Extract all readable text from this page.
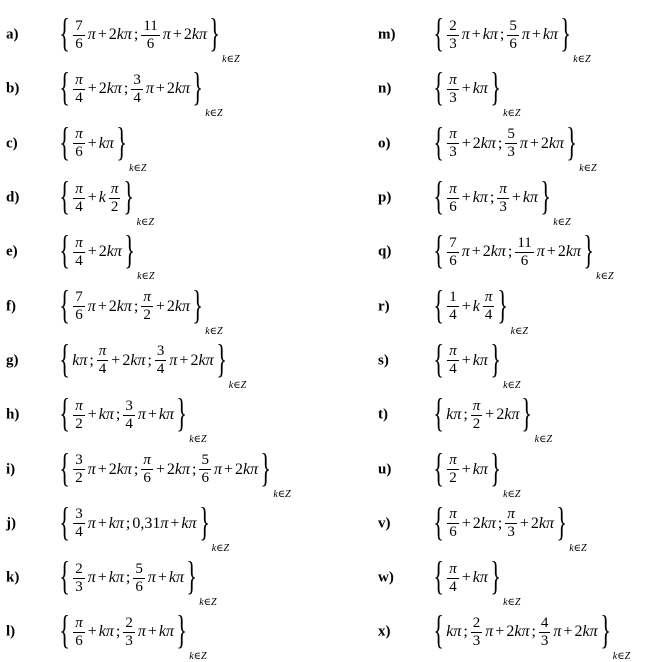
a) { $\frac{7}{6}$ π + 2kπ ; $\frac{11}{6}$ π + 2kπ }
k∈Z
b) { $\frac{\pi}{4} + 2k\pi$ ; $\frac{3}{4}$ π + 2kπ }
k∈Z
c) { $\frac{\pi}{6} + k\pi$ }
k∈Z
d) { $\frac{\pi}{4} + k \frac{\pi}{2}$ }
k∈Z
e) { $\frac{\pi}{4} + 2k\pi$ }
k∈Z
f) { $\frac{7}{6}$ π + 2kπ ; $\frac{\pi}{2} + 2k\pi$ }
k∈Z
g) { kπ ; $\frac{\pi}{4} + 2k\pi$ ; $\frac{3}{4}$ π + 2kπ }
k∈Z
h) { $\frac{\pi}{2} + k\pi$ ; $\frac{3}{4}$ π + kπ }
k∈Z
i) { $\frac{3}{2}$ π + 2kπ ; $\frac{\pi}{6} + 2k\pi$ ; $\frac{5}{6}$ π + 2kπ }
k∈Z
j) { $\frac{3}{4}$ π + kπ ; 0,31π + kπ }
k∈Z
k) { $\frac{2}{3}$ π + kπ ; $\frac{5}{6}$ π + kπ }
k∈Z
l) { $\frac{\pi}{6} + k\pi$ ; $\frac{2}{3}$ π + kπ }
k∈Z
m) { $\frac{2}{3}$ π + kπ ; $\frac{5}{6}$ π + kπ }
k∈Z
n) { $\frac{\pi}{3} + k\pi$ }
k∈Z
o) { $\frac{\pi}{3} + 2k\pi$ ; $\frac{5}{3}$ π + 2kπ }
k∈Z
p) { $\frac{\pi}{6} + k\pi$ ; $\frac{\pi}{3} + k\pi$ }
k∈Z
q) { $\frac{7}{6}$ π + 2kπ ; $\frac{11}{6}$ π + 2kπ }
k∈Z
r) { $\frac{1}{4} + k \frac{\pi}{4}$ }
k∈Z
s) { $\frac{\pi}{4} + k\pi$ }
k∈Z
t) { kπ ; $\frac{\pi}{2} + 2k\pi$ }
k∈Z
u) { $\frac{\pi}{2} + k\pi$ }
k∈Z
v) { $\frac{\pi}{6} + 2k\pi$ ; $\frac{\pi}{3} + 2k\pi$ }
k∈Z
w) { $\frac{\pi}{4} + k\pi$ }
k∈Z
x) { kπ ; $\frac{2}{3}$ π + 2kπ ; $\frac{4}{3}$ π + 2kπ }
k∈Z
